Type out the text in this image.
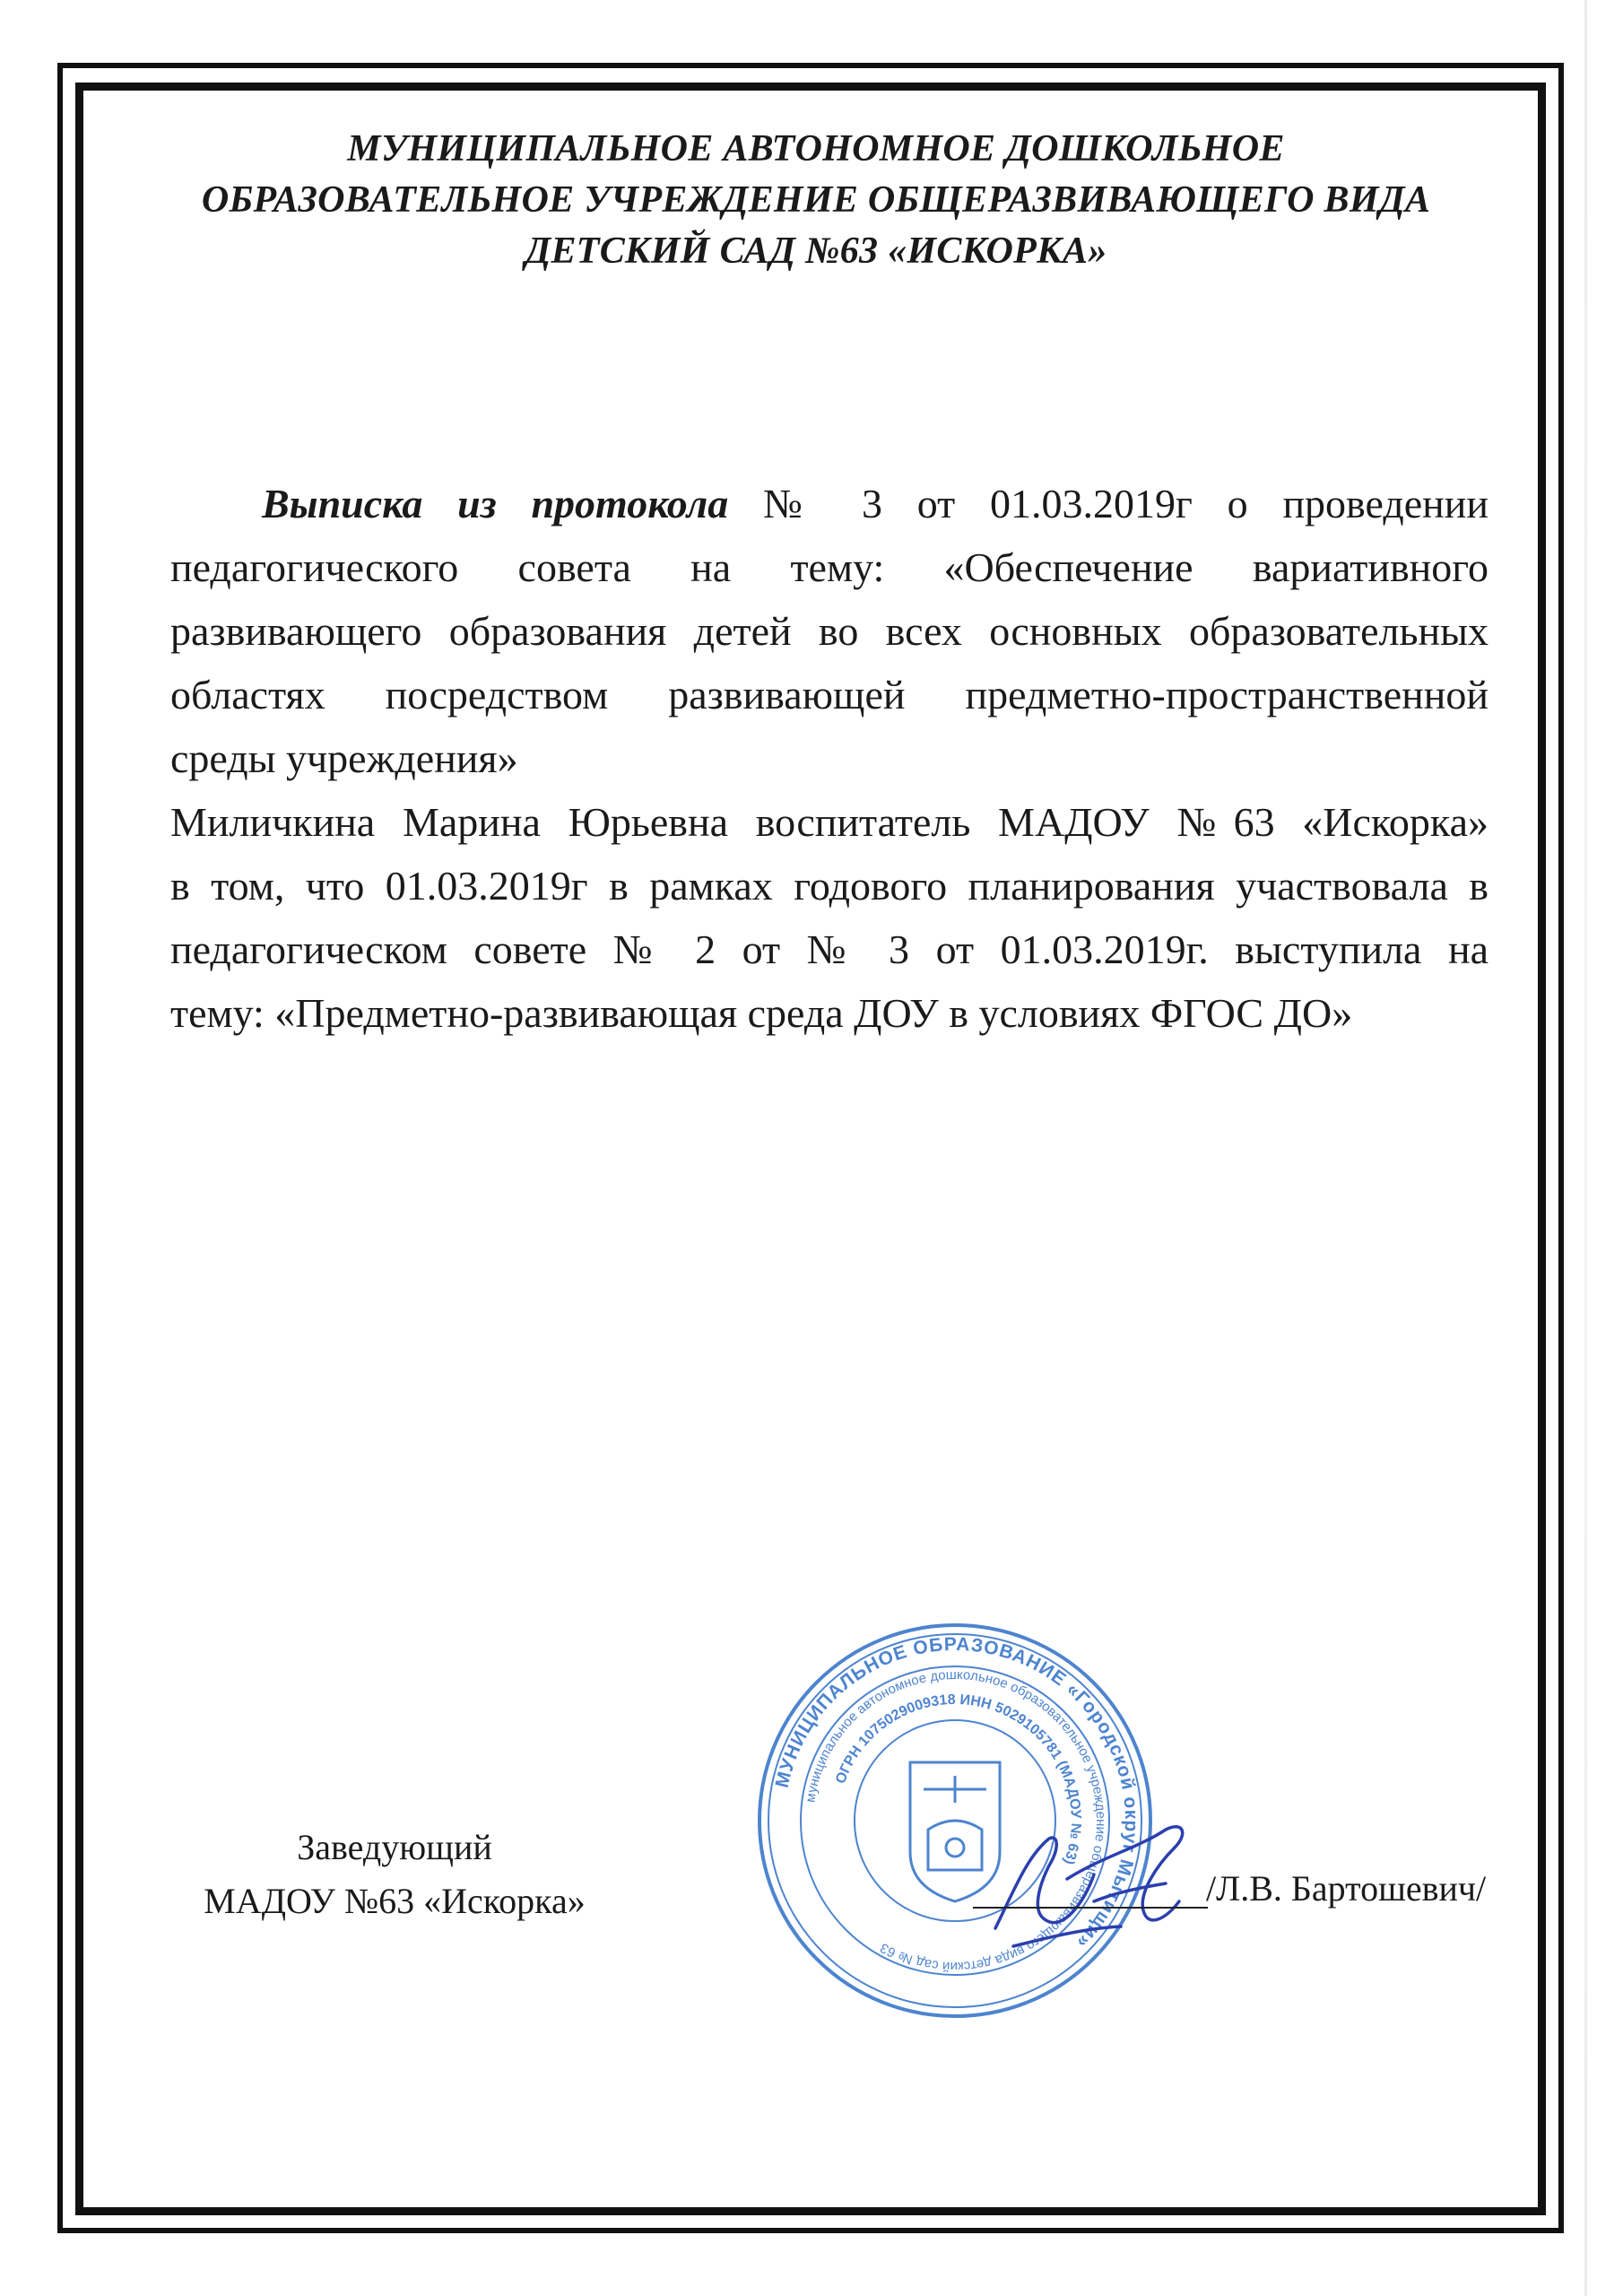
МУНИЦИПАЛЬНОЕ АВТОНОМНОЕ ДОШКОЛЬНОЕ
ОБРАЗОВАТЕЛЬНОЕ УЧРЕЖДЕНИЕ ОБЩЕРАЗВИВАЮЩЕГО ВИДА
ДЕТСКИЙ САД №63 «ИСКОРКА»
Выписка из протокола № 3 от 01.03.2019г о проведении
педагогического совета на тему: «Обеспечение вариативного
развивающего образования детей во всех основных образовательных
областях посредством развивающей предметно-пространственной
среды учреждения»
Миличкина Марина Юрьевна воспитатель МАДОУ №63 «Искорка»
в том, что 01.03.2019г в рамках годового планирования участвовала в
педагогическом совете № 2 от № 3 от 01.03.2019г. выступила на
тему: «Предметно-развивающая среда ДОУ в условиях ФГОС ДО»
Заведующий
МАДОУ №63 «Искорка»
МУНИЦИПАЛЬНОЕ ОБРАЗОВАНИЕ «Городской округ Мытищи»
муниципальное автономное дошкольное образовательное учреждение общеразвивающего вида детский сад № 63
ОГРН 1075029009318 ИНН 5029105781 (МАДОУ № 63)
/Л.В. Бартошевич/
